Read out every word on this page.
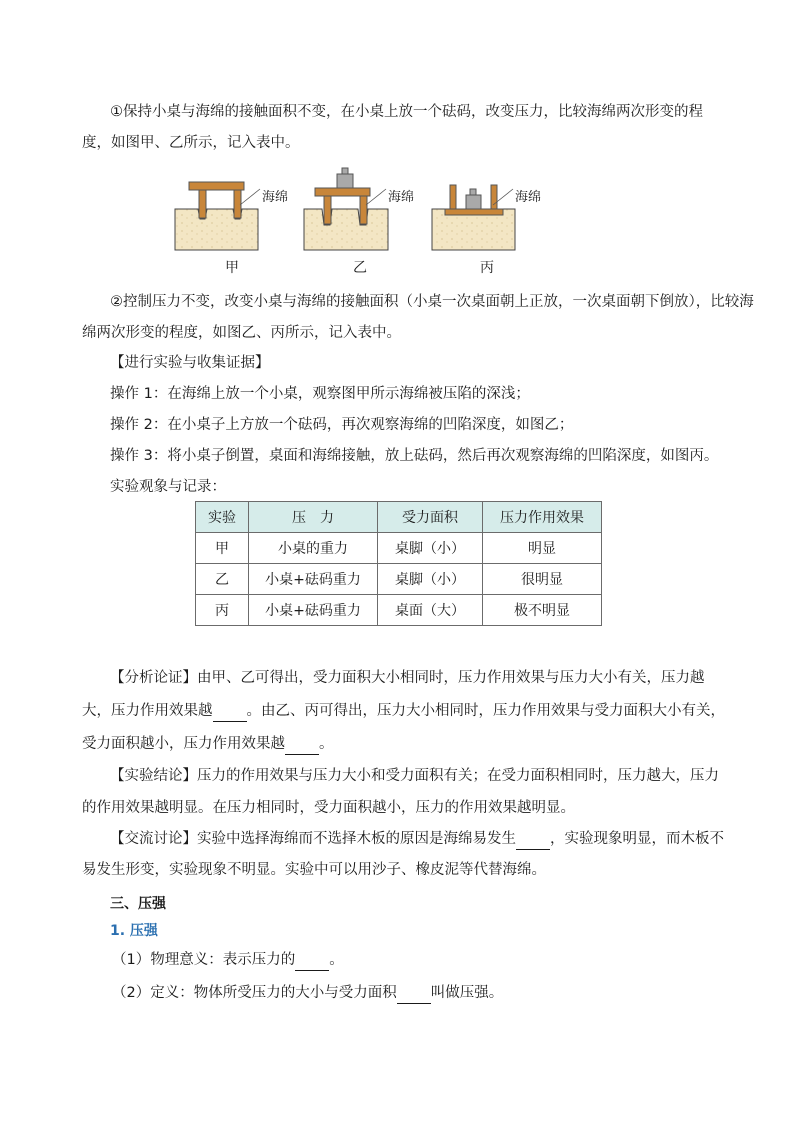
①保持小桌与海绵的接触面积不变，在小桌上放一个砝码，改变压力，比较海绵两次形变的程
度，如图甲、乙所示，记入表中。
海绵	海绵	海绵
甲	乙	丙
②控制压力不变，改变小桌与海绵的接触面积（小桌一次桌面朝上正放，一次桌面朝下倒放），比较海
绵两次形变的程度，如图乙、丙所示，记入表中。
【进行实验与收集证据】
操作 1：在海绵上放一个小桌，观察图甲所示海绵被压陷的深浅；
操作 2：在小桌子上方放一个砝码，再次观察海绵的凹陷深度，如图乙；
操作 3：将小桌子倒置，桌面和海绵接触，放上砝码，然后再次观察海绵的凹陷深度，如图丙。
实验观象与记录：
实验	压　力	受力面积	压力作用效果
甲	小桌的重力	桌脚（小）	明显
乙	小桌+砝码重力	桌脚（小）	很明显
丙	小桌+砝码重力	桌面（大）	极不明显
【分析论证】由甲、乙可得出，受力面积大小相同时，压力作用效果与压力大小有关，压力越
大，压力作用效果越 。由乙、丙可得出，压力大小相同时，压力作用效果与受力面积大小有关，
受力面积越小，压力作用效果越 。
【实验结论】压力的作用效果与压力大小和受力面积有关；在受力面积相同时，压力越大，压力
的作用效果越明显。在压力相同时，受力面积越小，压力的作用效果越明显。
【交流讨论】实验中选择海绵而不选择木板的原因是海绵易发生 ，实验现象明显，而木板不
易发生形变，实验现象不明显。实验中可以用沙子、橡皮泥等代替海绵。
三、压强
1. 压强
（1）物理意义：表示压力的 。
（2）定义：物体所受压力的大小与受力面积 叫做压强。
